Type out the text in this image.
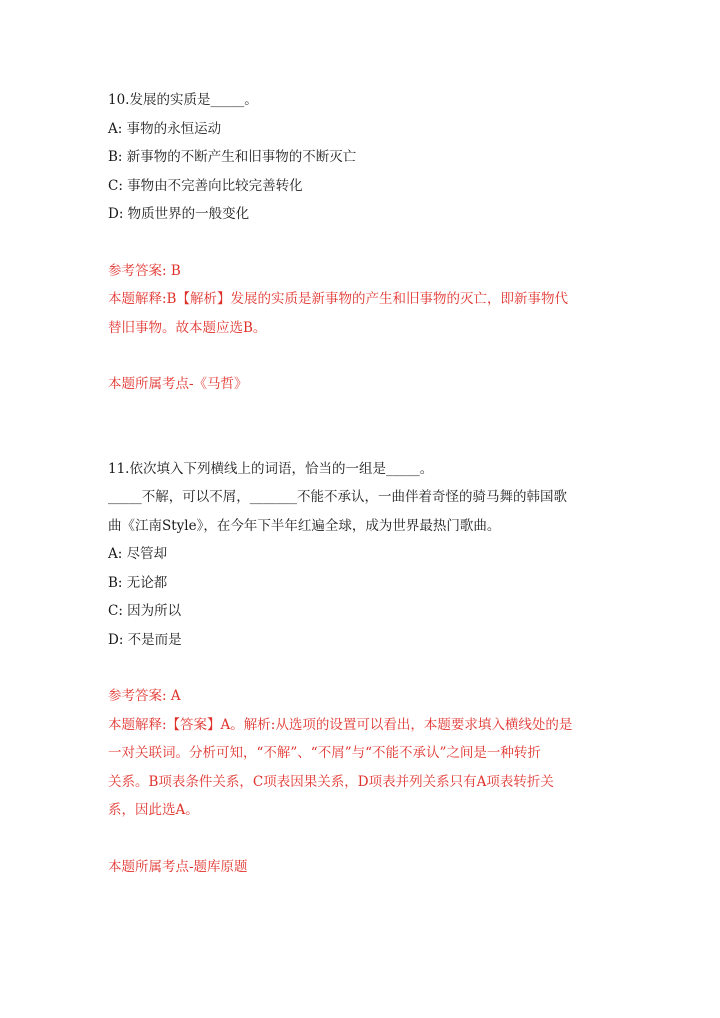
10.发展的实质是_____。

A: 事物的永恒运动

B: 新事物的不断产生和旧事物的不断灭亡

C: 事物由不完善向比较完善转化

D: 物质世界的一般变化

参考答案: B

本题解释:B【解析】发展的实质是新事物的产生和旧事物的灭亡，即新事物代

替旧事物。故本题应选B。

本题所属考点-《马哲》

11.依次填入下列横线上的词语，恰当的一组是_____。

_____不解，可以不屑，_______不能不承认，一曲伴着奇怪的骑马舞的韩国歌

曲《江南Style》，在今年下半年红遍全球，成为世界最热门歌曲。

A: 尽管却

B: 无论都

C: 因为所以

D: 不是而是

参考答案: A

本题解释:【答案】A。解析:从选项的设置可以看出，本题要求填入横线处的是

一对关联词。分析可知，“不解”、“不屑”与“不能不承认”之间是一种转折

关系。B项表条件关系，C项表因果关系，D项表并列关系只有A项表转折关

系，因此选A。

本题所属考点-题库原题
